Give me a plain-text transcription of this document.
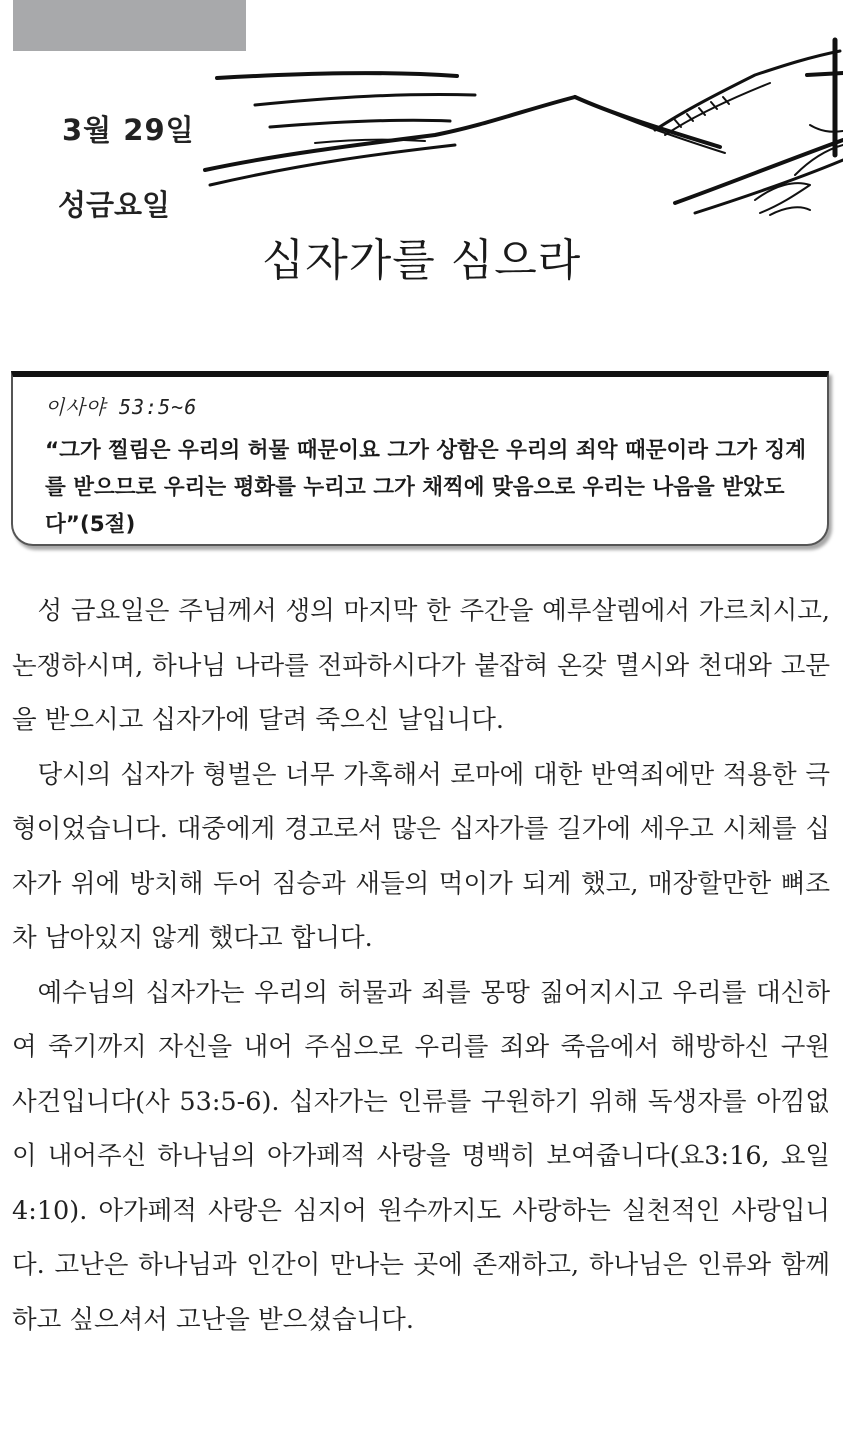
3월 29일
성금요일
십자가를 심으라
이사야 53:5~6

“그가 찔림은 우리의 허물 때문이요 그가 상함은 우리의 죄악 때문이라 그가 징계를 받으므로 우리는 평화를 누리고 그가 채찍에 맞음으로 우리는 나음을 받았도다”(5절)

성 금요일은 주님께서 생의 마지막 한 주간을 예루살렘에서 가르치시고, 논쟁하시며, 하나님 나라를 전파하시다가 붙잡혀 온갖 멸시와 천대와 고문을 받으시고 십자가에 달려 죽으신 날입니다.

당시의 십자가 형벌은 너무 가혹해서 로마에 대한 반역죄에만 적용한 극형이었습니다. 대중에게 경고로서 많은 십자가를 길가에 세우고 시체를 십자가 위에 방치해 두어 짐승과 새들의 먹이가 되게 했고, 매장할만한 뼈조차 남아있지 않게 했다고 합니다.

예수님의 십자가는 우리의 허물과 죄를 몽땅 짊어지시고 우리를 대신하여 죽기까지 자신을 내어 주심으로 우리를 죄와 죽음에서 해방하신 구원 사건입니다(사 53:5-6). 십자가는 인류를 구원하기 위해 독생자를 아낌없이 내어주신 하나님의 아가페적 사랑을 명백히 보여줍니다(요3:16, 요일4:10). 아가페적 사랑은 심지어 원수까지도 사랑하는 실천적인 사랑입니다. 고난은 하나님과 인간이 만나는 곳에 존재하고, 하나님은 인류와 함께 하고 싶으셔서 고난을 받으셨습니다.
